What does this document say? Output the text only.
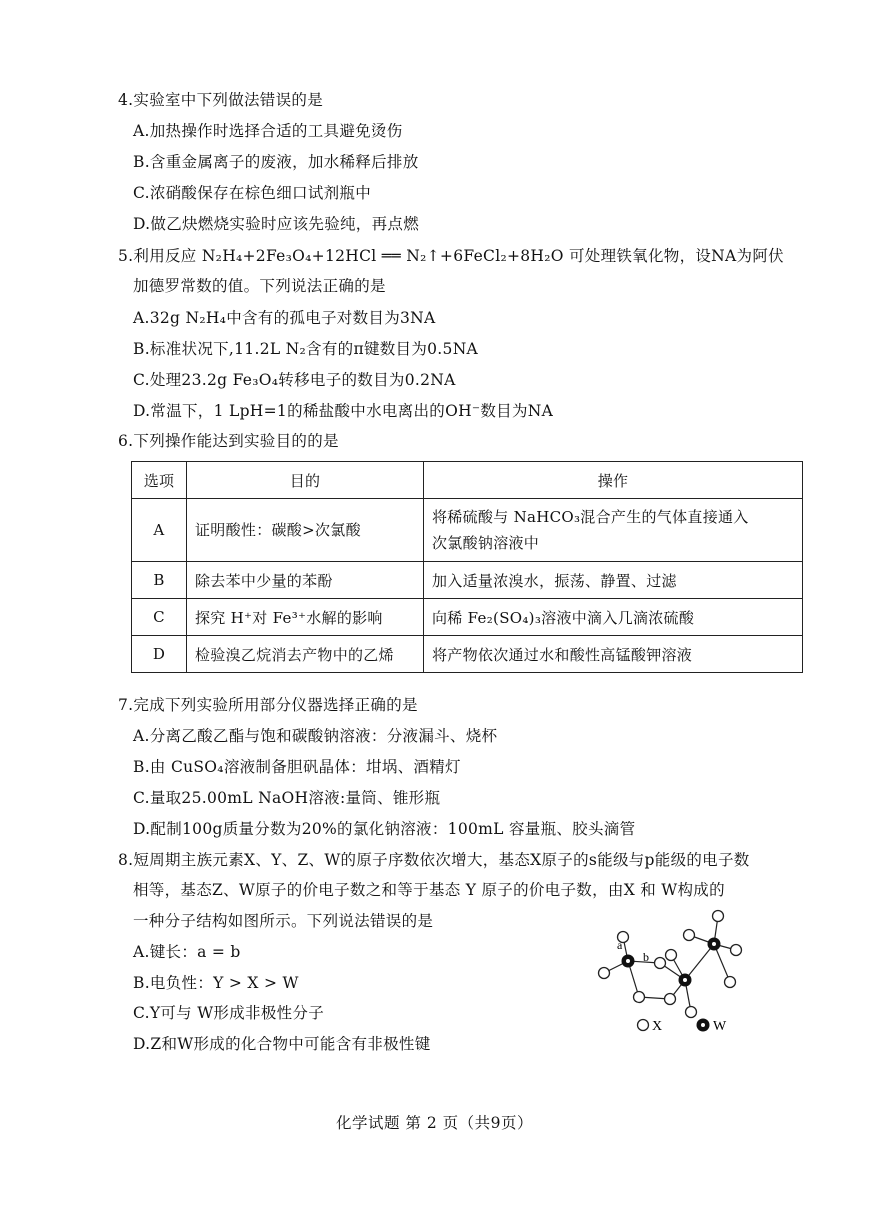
4.实验室中下列做法错误的是
A.加热操作时选择合适的工具避免烫伤
B.含重金属离子的废液，加水稀释后排放
C.浓硝酸保存在棕色细口试剂瓶中
D.做乙炔燃烧实验时应该先验纯，再点燃
5.利用反应 N₂H₄+2Fe₃O₄+12HCl ══ N₂↑+6FeCl₂+8H₂O 可处理铁氧化物，设NA为阿伏
加德罗常数的值。下列说法正确的是
A.32g N₂H₄中含有的孤电子对数目为3NA
B.标准状况下,11.2L N₂含有的π键数目为0.5NA
C.处理23.2g Fe₃O₄转移电子的数目为0.2NA
D.常温下，1 LpH=1的稀盐酸中水电离出的OH⁻数目为NA
6.下列操作能达到实验目的的是
选项	目的	操作
A	证明酸性：碳酸>次氯酸	将稀硫酸与 NaHCO₃混合产生的气体直接通入
次氯酸钠溶液中

B	除去苯中少量的苯酚	加入适量浓溴水，振荡、静置、过滤
C	探究 H⁺对 Fe³⁺水解的影响	向稀 Fe₂(SO₄)₃溶液中滴入几滴浓硫酸
D	检验溴乙烷消去产物中的乙烯	将产物依次通过水和酸性高锰酸钾溶液
7.完成下列实验所用部分仪器选择正确的是
A.分离乙酸乙酯与饱和碳酸钠溶液：分液漏斗、烧杯
B.由 CuSO₄溶液制备胆矾晶体：坩埚、酒精灯
C.量取25.00mL NaOH溶液:量筒、锥形瓶
D.配制100g质量分数为20%的氯化钠溶液：100mL 容量瓶、胶头滴管
8.短周期主族元素X、Y、Z、W的原子序数依次增大，基态X原子的s能级与p能级的电子数
相等，基态Z、W原子的价电子数之和等于基态 Y 原子的价电子数，由X 和 W构成的
一种分子结构如图所示。下列说法错误的是
A.键长：a = b
B.电负性：Y > X > W
C.Y可与 W形成非极性分子
D.Z和W形成的化合物中可能含有非极性键
a
b
X	W
化学试题 第 2 页（共9页）
